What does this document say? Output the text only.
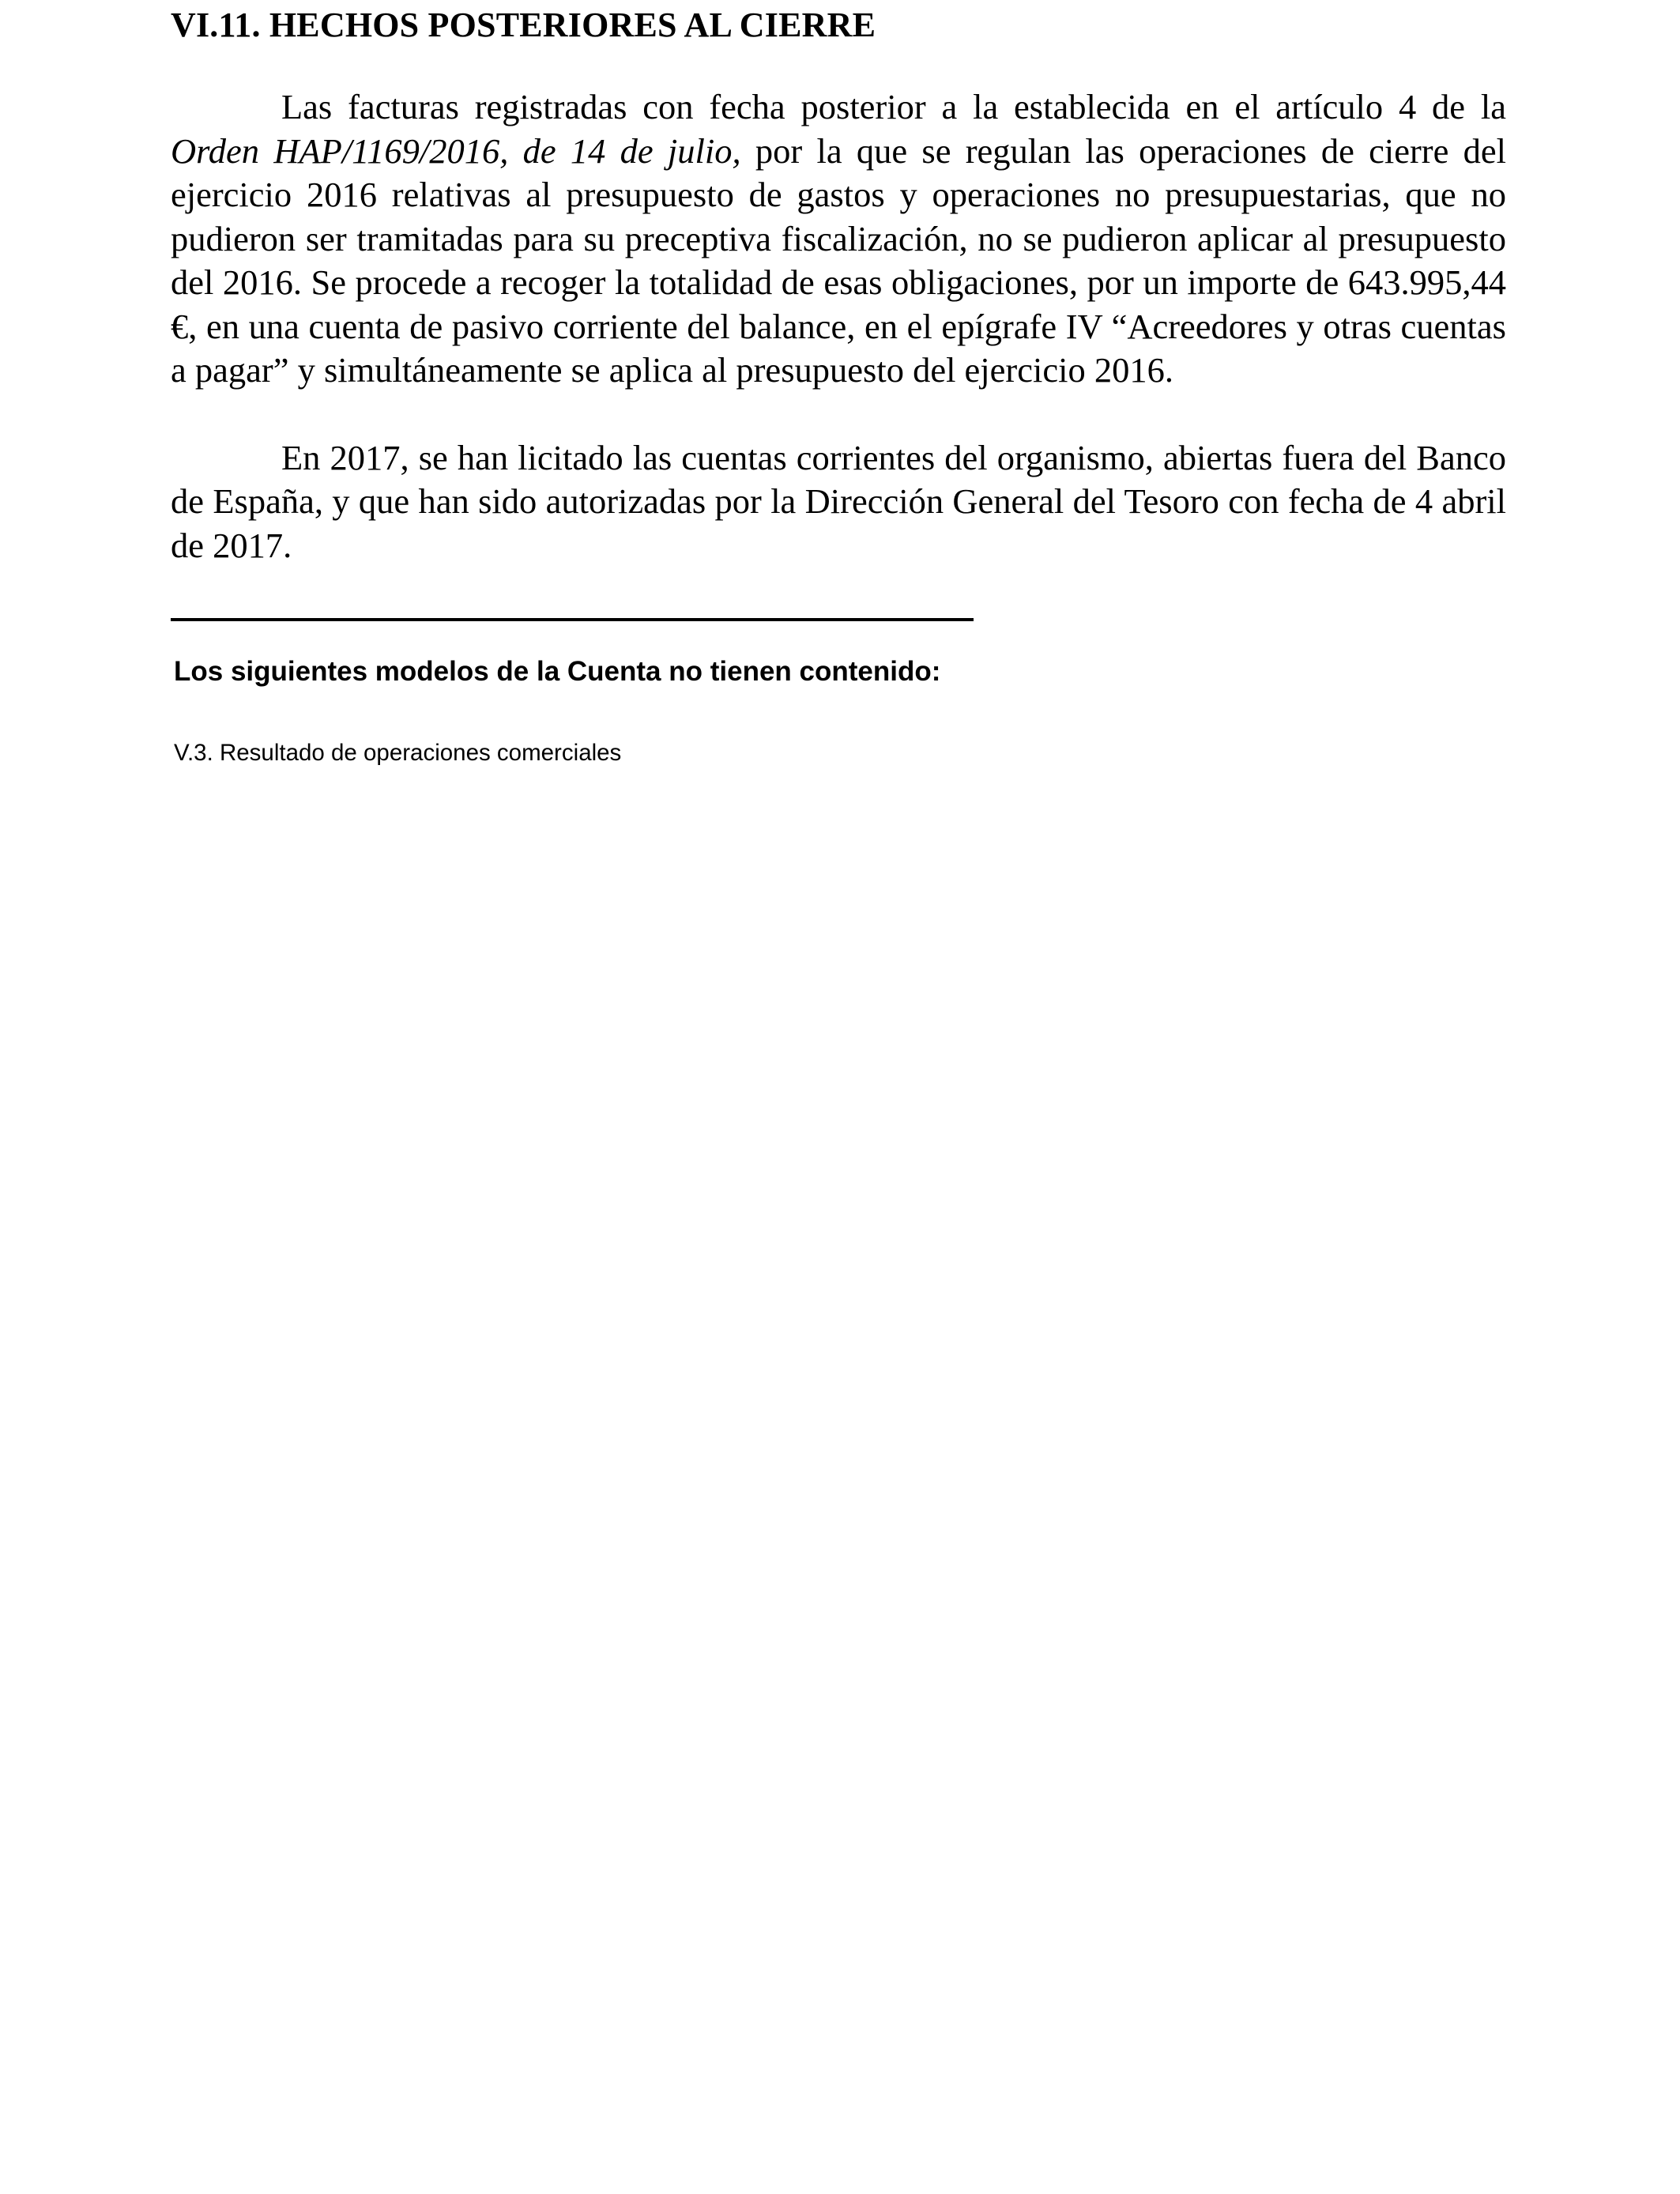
VI.11. HECHOS POSTERIORES AL CIERRE

Las facturas registradas con fecha posterior a la establecida en el artículo 4 de la Orden HAP/1169/2016, de 14 de julio, por la que se regulan las operaciones de cierre del ejercicio 2016 relativas al presupuesto de gastos y operaciones no presupuestarias, que no pudieron ser tramitadas para su preceptiva fiscalización, no se pudieron aplicar al presupuesto del 2016. Se procede a recoger la totalidad de esas obligaciones, por un importe de 643.995,44 €, en una cuenta de pasivo corriente del balance, en el epígrafe IV “Acreedores y otras cuentas a pagar” y simultáneamente se aplica al presupuesto del ejercicio 2016.

En 2017, se han licitado las cuentas corrientes del organismo, abiertas fuera del Banco de España, y que han sido autorizadas por la Dirección General del Tesoro con fecha de 4 abril de 2017.

Los siguientes modelos de la Cuenta no tienen contenido:
V.3. Resultado de operaciones comerciales
